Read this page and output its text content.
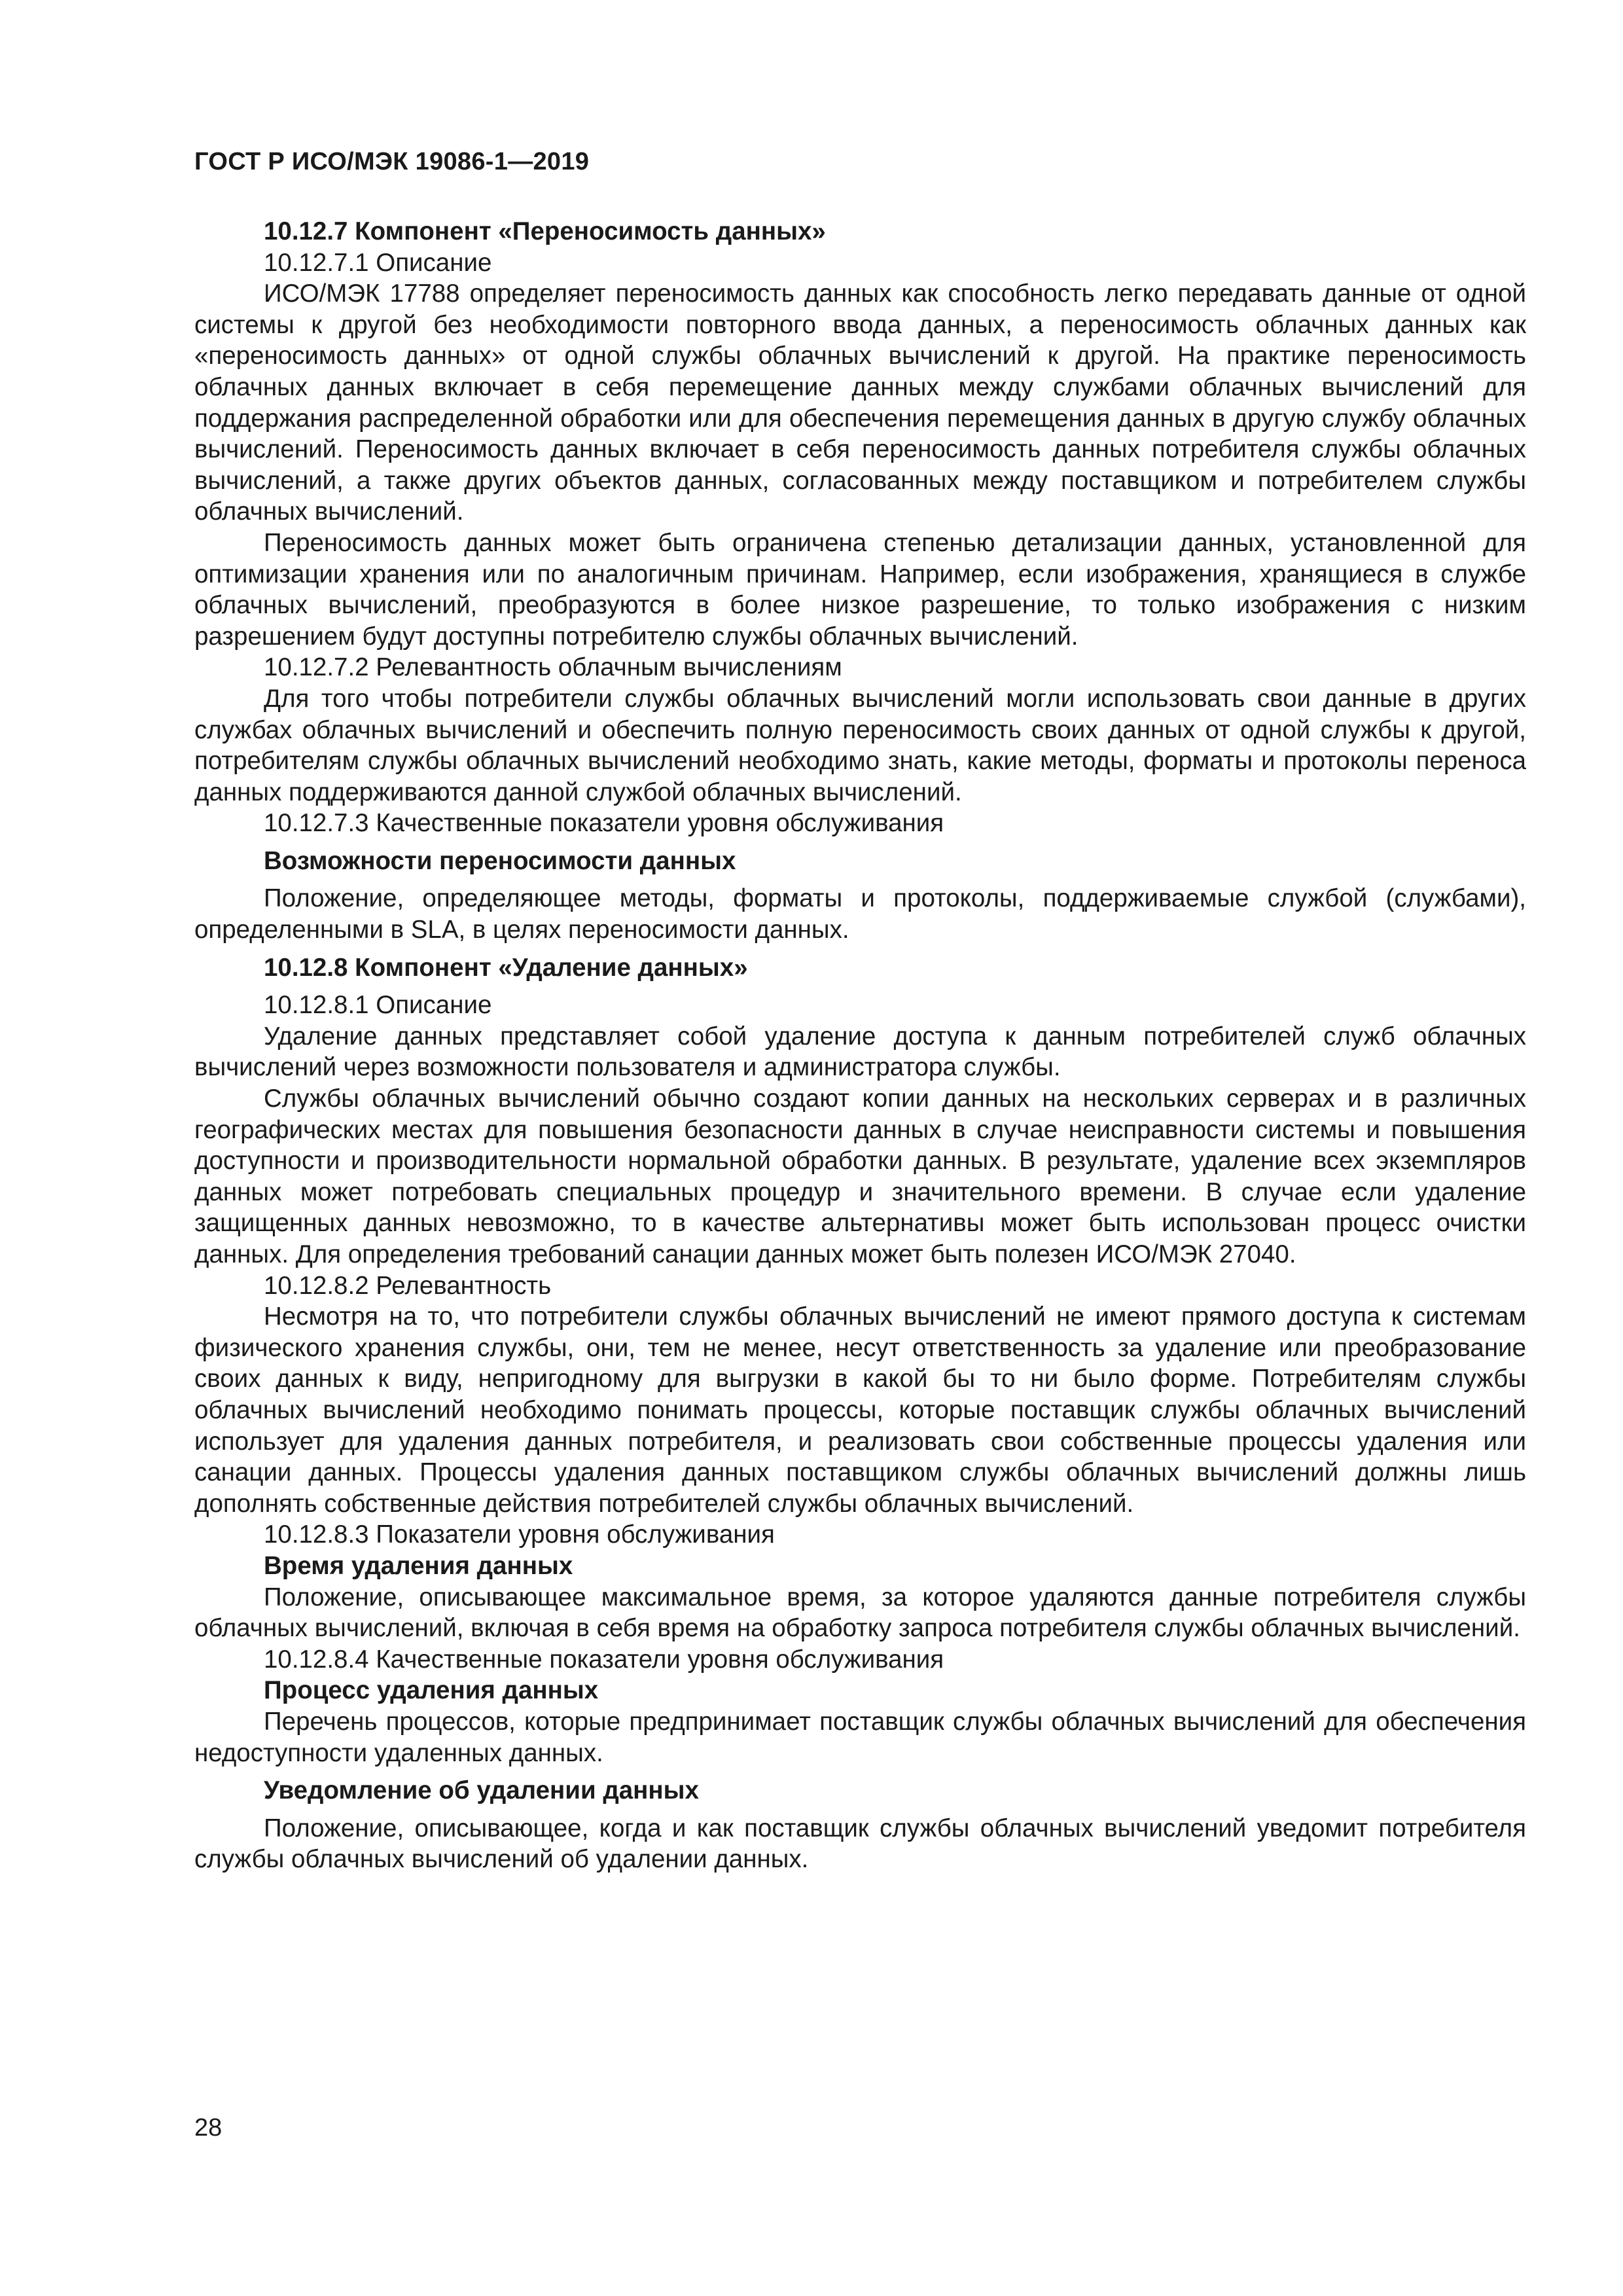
ГОСТ Р ИСО/МЭК 19086-1—2019

10.12.7 Компонент «Переносимость данных»

10.12.7.1 Описание

ИСО/МЭК 17788 определяет переносимость данных как способность легко передавать данные от одной системы к другой без необходимости повторного ввода данных, а переносимость облачных данных как «переносимость данных» от одной службы облачных вычислений к другой. На практике переносимость облачных данных включает в себя перемещение данных между службами облачных вычислений для поддержания распределенной обработки или для обеспечения перемещения данных в другую службу облачных вычислений. Переносимость данных включает в себя переносимость данных потребителя службы облачных вычислений, а также других объектов данных, согласованных между поставщиком и потребителем службы облачных вычислений.

Переносимость данных может быть ограничена степенью детализации данных, установленной для оптимизации хранения или по аналогичным причинам. Например, если изображения, хранящиеся в службе облачных вычислений, преобразуются в более низкое разрешение, то только изображения с низким разрешением будут доступны потребителю службы облачных вычислений.

10.12.7.2 Релевантность облачным вычислениям

Для того чтобы потребители службы облачных вычислений могли использовать свои данные в других службах облачных вычислений и обеспечить полную переносимость своих данных от одной службы к другой, потребителям службы облачных вычислений необходимо знать, какие методы, форматы и протоколы переноса данных поддерживаются данной службой облачных вычислений.

10.12.7.3 Качественные показатели уровня обслуживания

Возможности переносимости данных

Положение, определяющее методы, форматы и протоколы, поддерживаемые службой (службами), определенными в SLA, в целях переносимости данных.

10.12.8 Компонент «Удаление данных»

10.12.8.1 Описание

Удаление данных представляет собой удаление доступа к данным потребителей служб облачных вычислений через возможности пользователя и администратора службы.

Службы облачных вычислений обычно создают копии данных на нескольких серверах и в различных географических местах для повышения безопасности данных в случае неисправности системы и повышения доступности и производительности нормальной обработки данных. В результате, удаление всех экземпляров данных может потребовать специальных процедур и значительного времени. В случае если удаление защищенных данных невозможно, то в качестве альтернативы может быть использован процесс очистки данных. Для определения требований санации данных может быть полезен ИСО/МЭК 27040.

10.12.8.2 Релевантность

Несмотря на то, что потребители службы облачных вычислений не имеют прямого доступа к системам физического хранения службы, они, тем не менее, несут ответственность за удаление или преобразование своих данных к виду, непригодному для выгрузки в какой бы то ни было форме. Потребителям службы облачных вычислений необходимо понимать процессы, которые поставщик службы облачных вычислений использует для удаления данных потребителя, и реализовать свои собственные процессы удаления или санации данных. Процессы удаления данных поставщиком службы облачных вычислений должны лишь дополнять собственные действия потребителей службы облачных вычислений.

10.12.8.3 Показатели уровня обслуживания

Время удаления данных

Положение, описывающее максимальное время, за которое удаляются данные потребителя службы облачных вычислений, включая в себя время на обработку запроса потребителя службы облачных вычислений.

10.12.8.4 Качественные показатели уровня обслуживания

Процесс удаления данных

Перечень процессов, которые предпринимает поставщик службы облачных вычислений для обеспечения недоступности удаленных данных.

Уведомление об удалении данных

Положение, описывающее, когда и как поставщик службы облачных вычислений уведомит потребителя службы облачных вычислений об удалении данных.

28
